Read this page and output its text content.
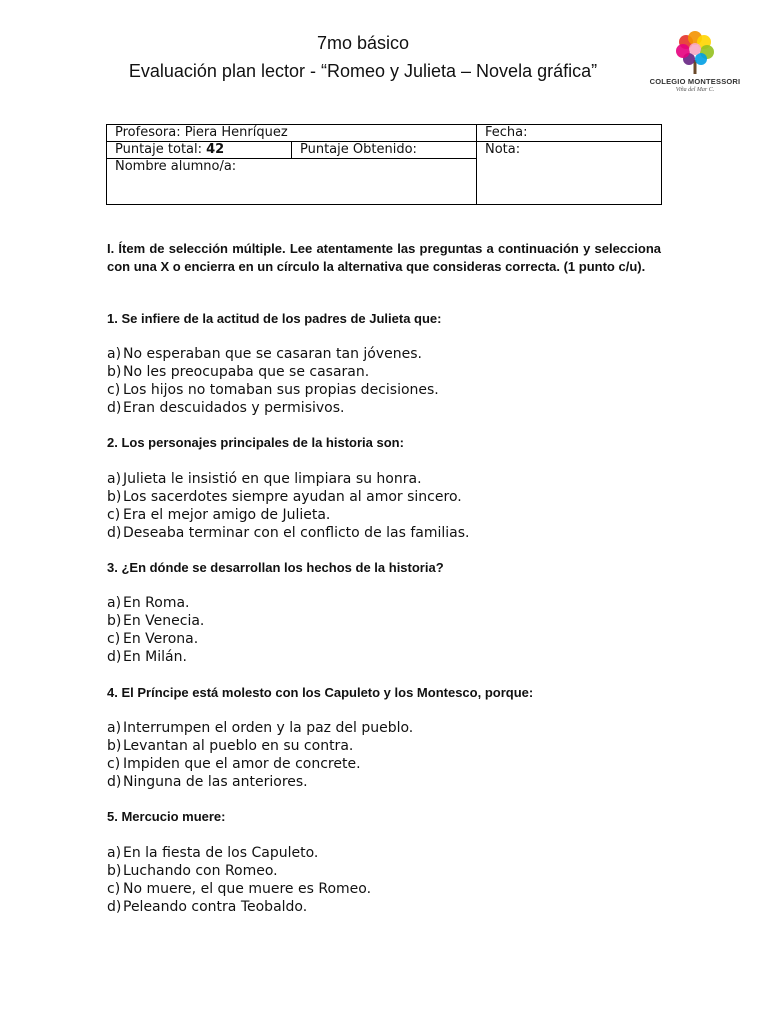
7mo básico
Evaluación plan lector - “Romeo y Julieta – Novela gráfica”
COLEGIO MONTESSORI
Viña del Mar C.
Profesora: Piera Henríquez		Fecha:
Puntaje total: 42	Puntaje Obtenido:	Nota:
Nombre alumno/a:		
I. Ítem de selección múltiple. Lee atentamente las preguntas a continuación y selecciona con una X o encierra en un círculo la alternativa que consideras correcta. (1 punto c/u).
1. Se infiere de la actitud de los padres de Julieta que:
a) No esperaban que se casaran tan jóvenes.
b) No les preocupaba que se casaran.
c) Los hijos no tomaban sus propias decisiones.
d) Eran descuidados y permisivos.
2. Los personajes principales de la historia son:
a) Julieta le insistió en que limpiara su honra.
b) Los sacerdotes siempre ayudan al amor sincero.
c) Era el mejor amigo de Julieta.
d) Deseaba terminar con el conflicto de las familias.
3. ¿En dónde se desarrollan los hechos de la historia?
a) En Roma.
b) En Venecia.
c) En Verona.
d) En Milán.
4. El Príncipe está molesto con los Capuleto y los Montesco, porque:
a) Interrumpen el orden y la paz del pueblo.
b) Levantan al pueblo en su contra.
c) Impiden que el amor de concrete.
d) Ninguna de las anteriores.
5. Mercucio muere:
a) En la fiesta de los Capuleto.
b) Luchando con Romeo.
c) No muere, el que muere es Romeo.
d) Peleando contra Teobaldo.
